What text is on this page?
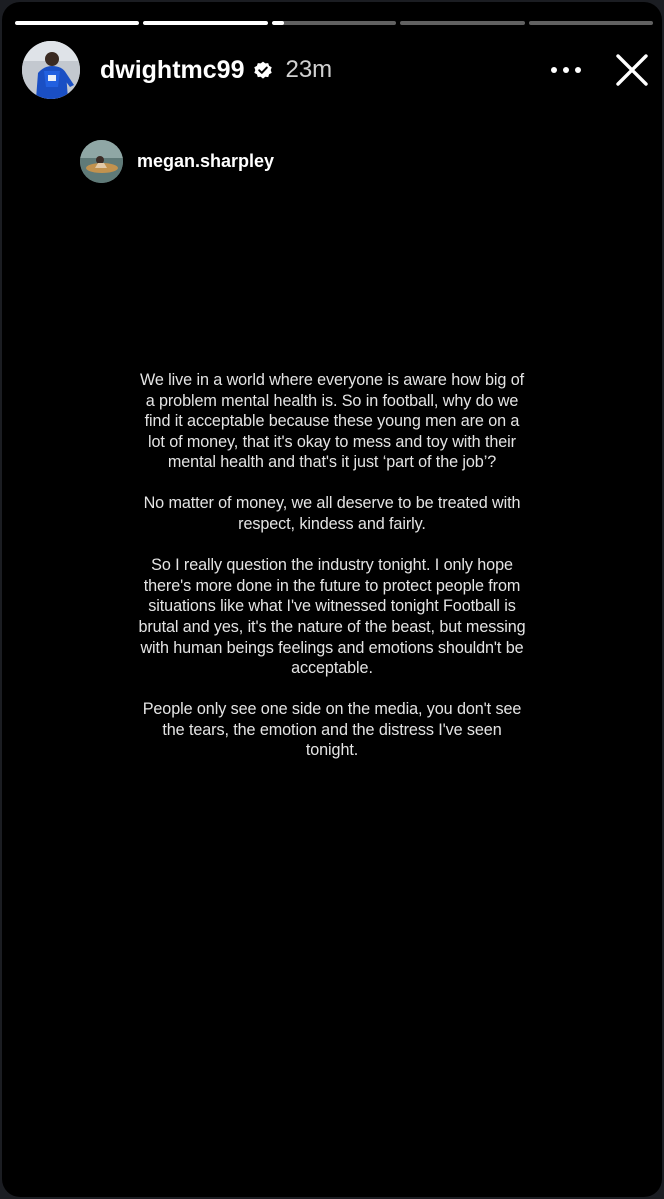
dwightmc99 23m
megan.sharpley

We live in a world where everyone is aware how big of a problem mental health is. So in football, why do we find it acceptable because these young men are on a lot of money, that it's okay to mess and toy with their mental health and that's it just ‘part of the job’?

No matter of money, we all deserve to be treated with respect, kindess and fairly.

So I really question the industry tonight. I only hope there's more done in the future to protect people from situations like what I've witnessed tonight Football is brutal and yes, it's the nature of the beast, but messing with human beings feelings and emotions shouldn't be acceptable.

People only see one side on the media, you don't see the tears, the emotion and the distress I've seen tonight.
